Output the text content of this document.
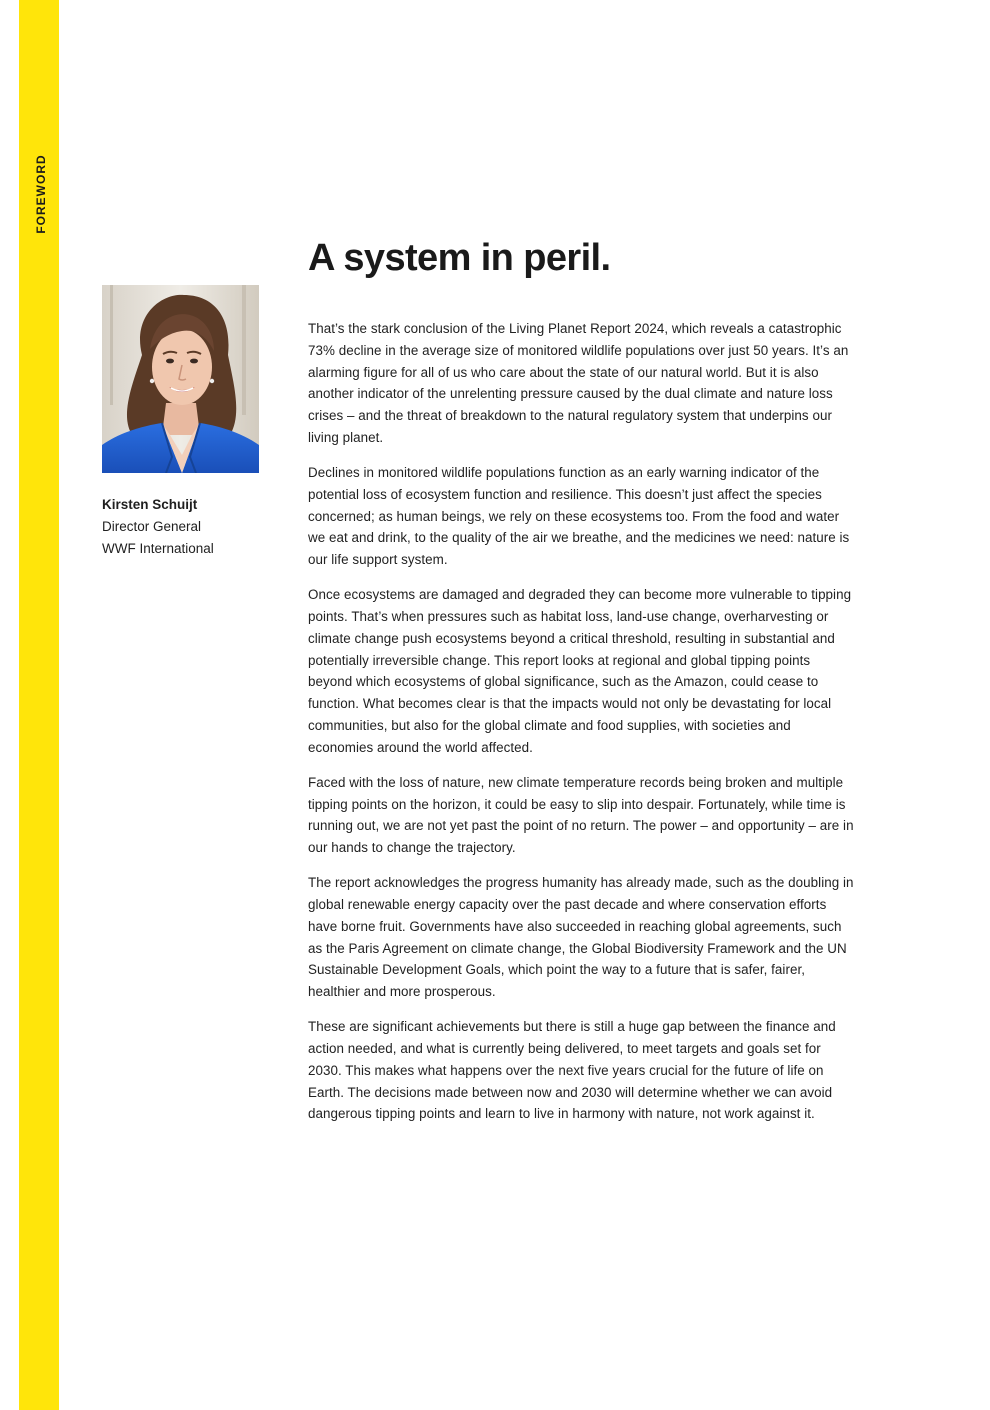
FOREWORD
Kirsten Schuijt
Director General
WWF International
A system in peril.

That’s the stark conclusion of the Living Planet Report 2024, which reveals a catastrophic 73% decline in the average size of monitored wildlife populations over just 50 years. It’s an alarming figure for all of us who care about the state of our natural world. But it is also another indicator of the unrelenting pressure caused by the dual climate and nature loss crises – and the threat of breakdown to the natural regulatory system that underpins our living planet.

Declines in monitored wildlife populations function as an early warning indicator of the potential loss of ecosystem function and resilience. This doesn’t just affect the species concerned; as human beings, we rely on these ecosystems too. From the food and water we eat and drink, to the quality of the air we breathe, and the medicines we need: nature is our life support system.

Once ecosystems are damaged and degraded they can become more vulnerable to tipping points. That’s when pressures such as habitat loss, land-use change, overharvesting or climate change push ecosystems beyond a critical threshold, resulting in substantial and potentially irreversible change. This report looks at regional and global tipping points beyond which ecosystems of global significance, such as the Amazon, could cease to function. What becomes clear is that the impacts would not only be devastating for local communities, but also for the global climate and food supplies, with societies and economies around the world affected.

Faced with the loss of nature, new climate temperature records being broken and multiple tipping points on the horizon, it could be easy to slip into despair. Fortunately, while time is running out, we are not yet past the point of no return. The power – and opportunity – are in our hands to change the trajectory.

The report acknowledges the progress humanity has already made, such as the doubling in global renewable energy capacity over the past decade and where conservation efforts have borne fruit. Governments have also succeeded in reaching global agreements, such as the Paris Agreement on climate change, the Global Biodiversity Framework and the UN Sustainable Development Goals, which point the way to a future that is safer, fairer, healthier and more prosperous.

These are significant achievements but there is still a huge gap between the finance and action needed, and what is currently being delivered, to meet targets and goals set for 2030. This makes what happens over the next five years crucial for the future of life on Earth. The decisions made between now and 2030 will determine whether we can avoid dangerous tipping points and learn to live in harmony with nature, not work against it.
